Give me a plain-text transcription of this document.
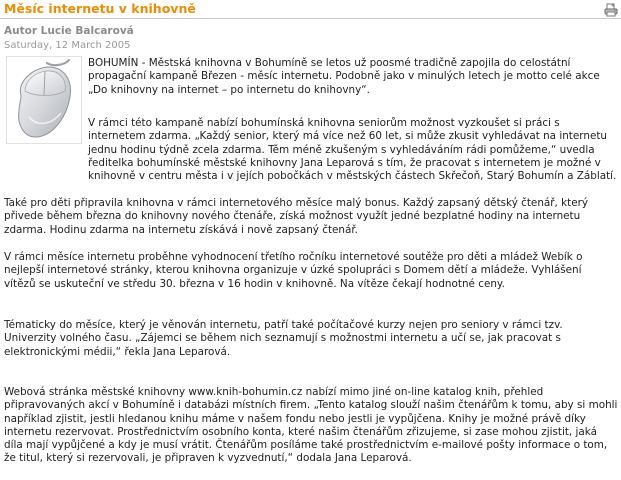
Měsíc internetu v knihovně
Autor Lucie Balcarová
Saturday, 12 March 2005
BOHUMÍN - Městská knihovna v Bohumíně se letos už poosmé tradičně zapojila do celostátní propagační kampaně Březen - měsíc internetu. Podobně jako v minulých letech je motto celé akce „Do knihovny na internet – po internetu do knihovny“.
V rámci této kampaně nabízí bohumínská knihovna seniorům možnost vyzkoušet si práci s internetem zdarma. „Každý senior, který má více než 60 let, si může zkusit vyhledávat na internetu jednu hodinu týdně zcela zdarma. Těm méně zkušeným s vyhledáváním rádi pomůžeme,“ uvedla ředitelka bohumínské městské knihovny Jana Leparová s tím, že pracovat s internetem je možné v knihovně v centru města i v jejích pobočkách v městských částech Skřečoň, Starý Bohumín a Záblatí.
Také pro děti připravila knihovna v rámci internetového měsíce malý bonus. Každý zapsaný dětský čtenář, který přivede během března do knihovny nového čtenáře, získá možnost využít jedné bezplatné hodiny na internetu zdarma. Hodinu zdarma na internetu získává i nově zapsaný čtenář.
V rámci měsíce internetu proběhne vyhodnocení třetího ročníku internetové soutěže pro děti a mládež Webík o nejlepší internetové stránky, kterou knihovna organizuje v úzké spolupráci s Domem dětí a mládeže. Vyhlášení vítězů se uskuteční ve středu 30. března v 16 hodin v knihovně. Na vítěze čekají hodnotné ceny.
Tématicky do měsíce, který je věnován internetu, patří také počítačové kurzy nejen pro seniory v rámci tzv. Univerzity volného času. „Zájemci se během nich seznamují s možnostmi internetu a učí se, jak pracovat s elektronickými médii,“ řekla Jana Leparová.
Webová stránka městské knihovny www.knih-bohumin.cz nabízí mimo jiné on-line katalog knih, přehled připravovaných akcí v Bohumíně i databázi místních firem. „Tento katalog slouží našim čtenářům k tomu, aby si mohli například zjistit, jestli hledanou knihu máme v našem fondu nebo jestli je vypůjčena. Knihy je možné právě díky internetu rezervovat. Prostřednictvím osobního konta, které našim čtenářům zřizujeme, si zase mohou zjistit, jaká díla mají vypůjčené a kdy je musí vrátit. Čtenářům posíláme také prostřednictvím e-mailové pošty informace o tom, že titul, který si rezervovali, je připraven k vyzvednutí,“ dodala Jana Leparová.
